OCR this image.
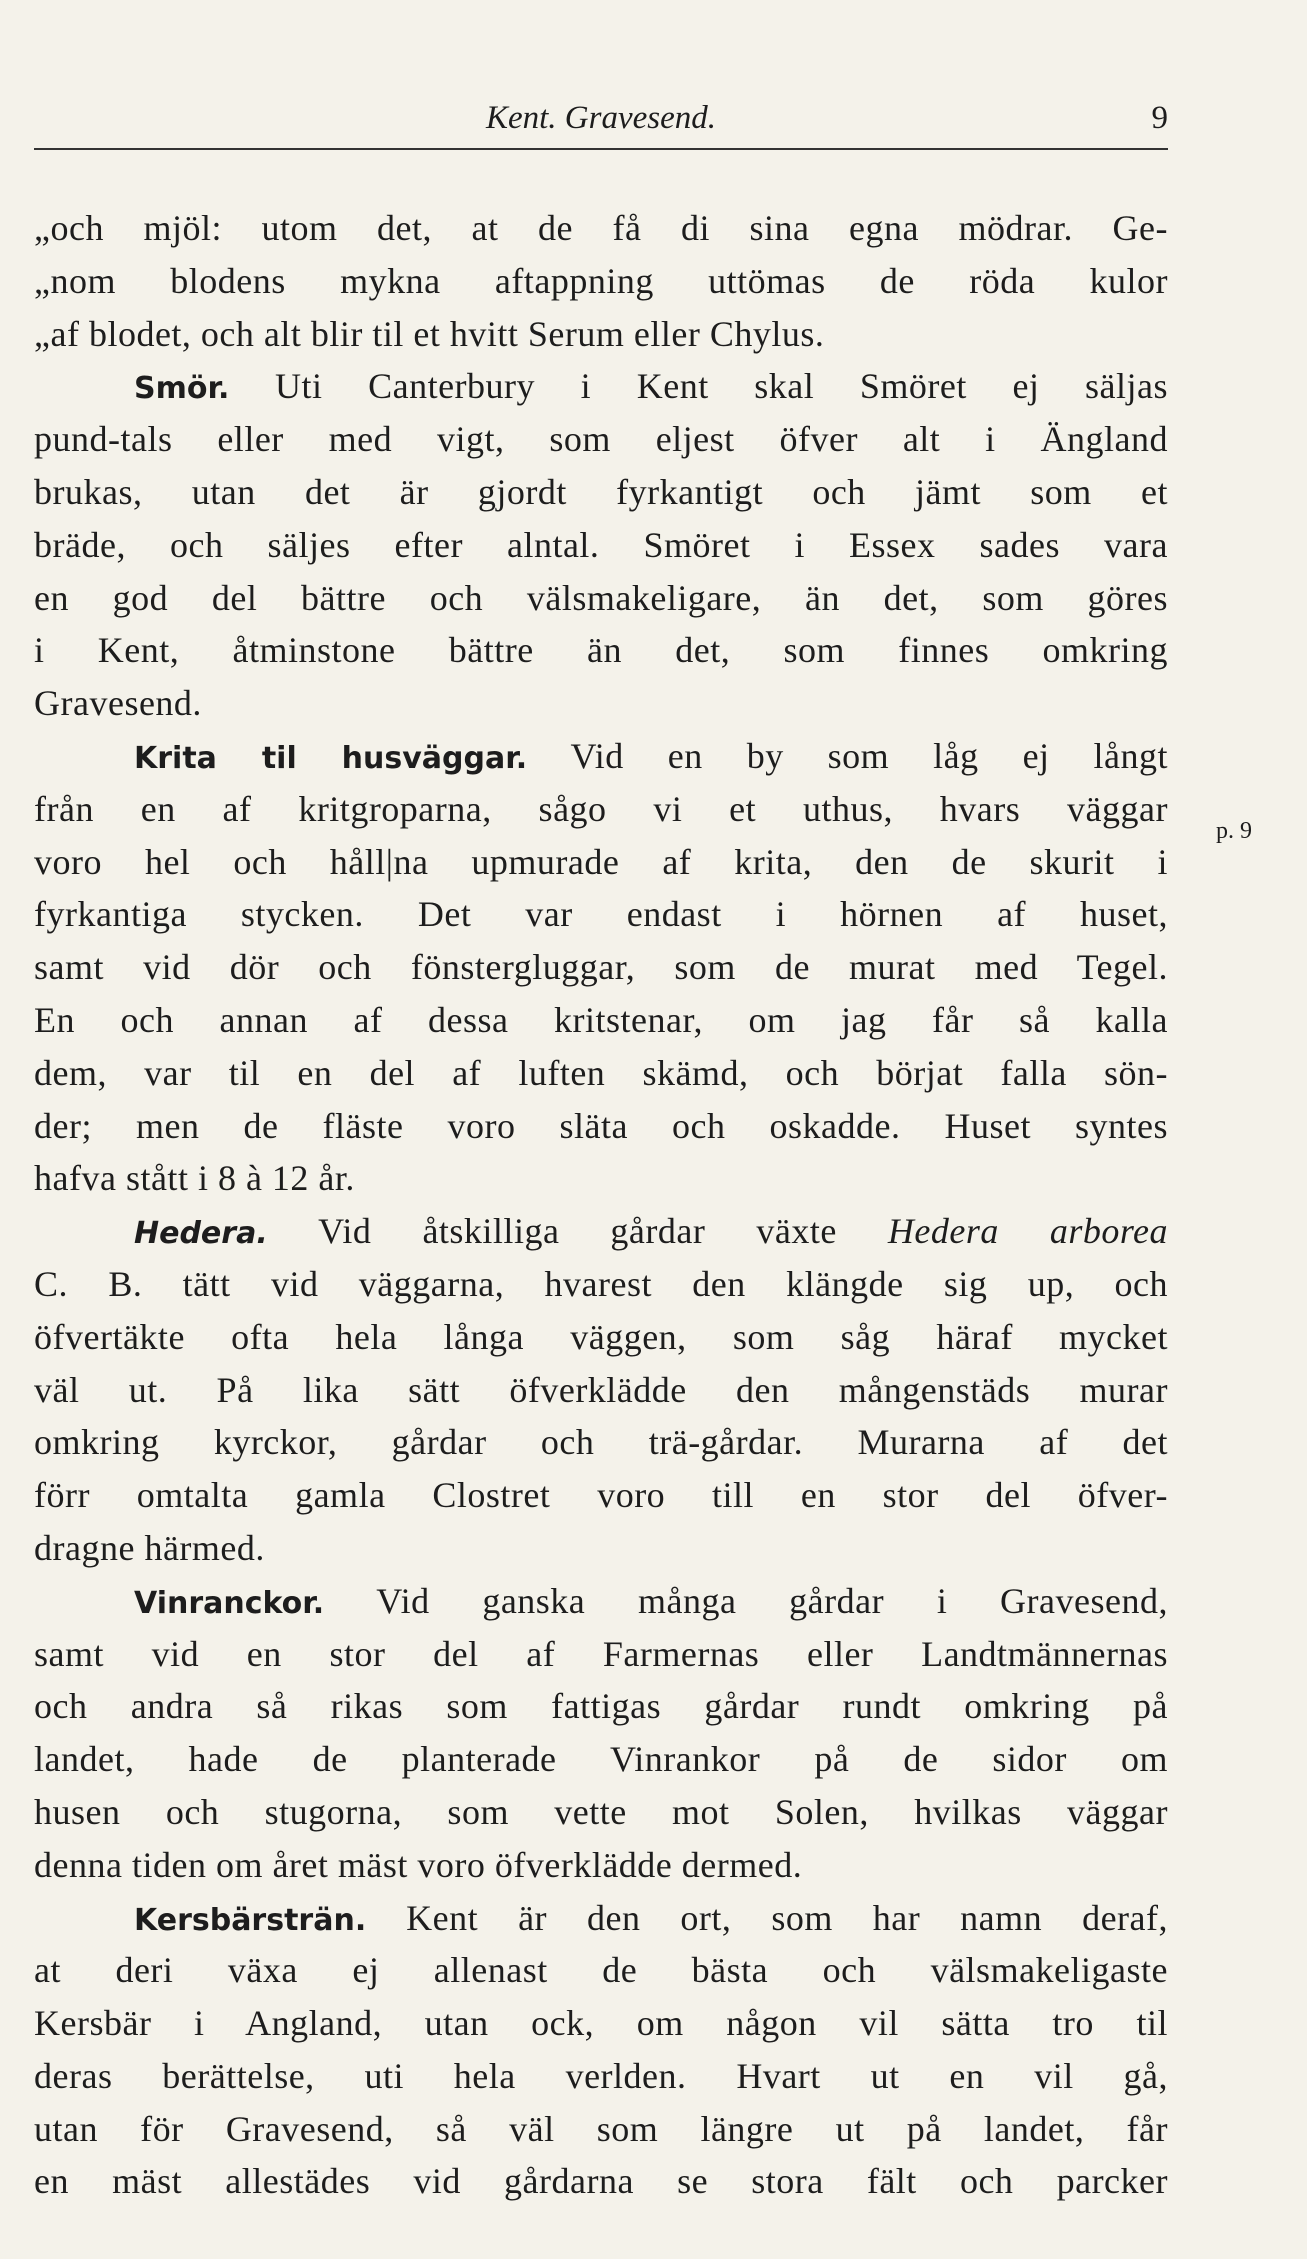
Kent. Gravesend.	9
p. 9
„och mjöl: utom det, at de få di sina egna mödrar. Ge-
„nom blodens mykna aftappning uttömas de röda kulor
„af blodet, och alt blir til et hvitt Serum eller Chylus.
Smör. Uti Canterbury i Kent skal Smöret ej säljas
pund-tals eller med vigt, som eljest öfver alt i Ängland
brukas, utan det är gjordt fyrkantigt och jämt som et
bräde, och säljes efter alntal. Smöret i Essex sades vara
en god del bättre och välsmakeligare, än det, som göres
i Kent, åtminstone bättre än det, som finnes omkring
Gravesend.
Krita til husväggar. Vid en by som låg ej långt
från en af kritgroparna, sågo vi et uthus, hvars väggar
voro hel och håll|na upmurade af krita, den de skurit i
fyrkantiga stycken. Det var endast i hörnen af huset,
samt vid dör och fönstergluggar, som de murat med Tegel.
En och annan af dessa kritstenar, om jag får så kalla
dem, var til en del af luften skämd, och börjat falla sön-
der; men de fläste voro släta och oskadde. Huset syntes
hafva stått i 8 à 12 år.
Hedera. Vid åtskilliga gårdar växte Hedera arborea
C. B. tätt vid väggarna, hvarest den klängde sig up, och
öfvertäkte ofta hela långa väggen, som såg häraf mycket
väl ut. På lika sätt öfverklädde den mångenstäds murar
omkring kyrckor, gårdar och trä-gårdar. Murarna af det
förr omtalta gamla Clostret voro till en stor del öfver-
dragne härmed.
Vinranckor. Vid ganska många gårdar i Gravesend,
samt vid en stor del af Farmernas eller Landtmännernas
och andra så rikas som fattigas gårdar rundt omkring på
landet, hade de planterade Vinrankor på de sidor om
husen och stugorna, som vette mot Solen, hvilkas väggar
denna tiden om året mäst voro öfverklädde dermed.
Kersbärsträn. Kent är den ort, som har namn deraf,
at deri växa ej allenast de bästa och välsmakeligaste
Kersbär i Angland, utan ock, om någon vil sätta tro til
deras berättelse, uti hela verlden. Hvart ut en vil gå,
utan för Gravesend, så väl som längre ut på landet, får
en mäst allestädes vid gårdarna se stora fält och parcker
